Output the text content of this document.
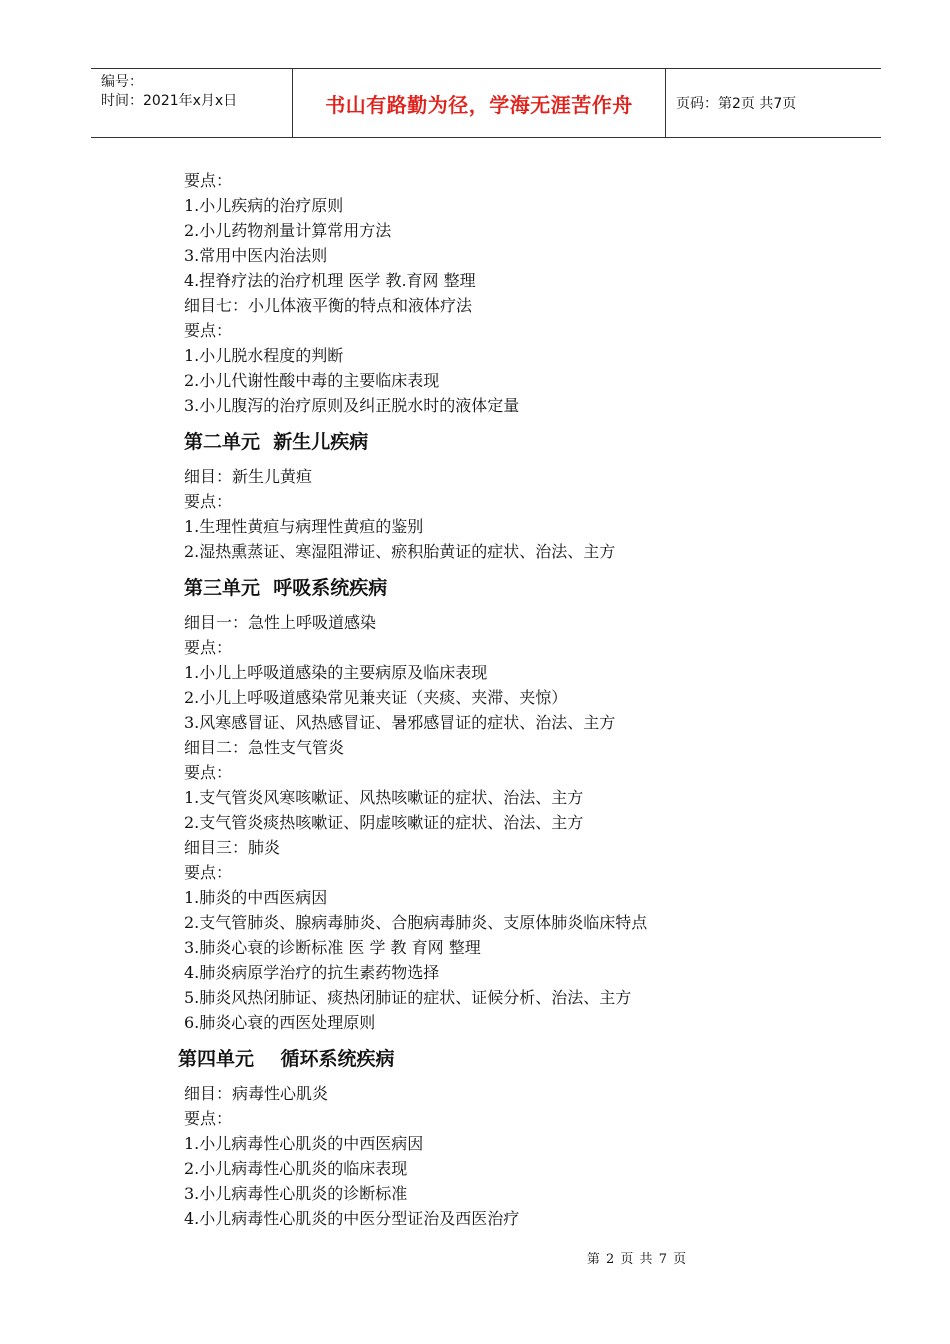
编号：
时间：2021年x月x日	书山有路勤为径，学海无涯苦作舟	页码：第2页 共7页
要点：
1.小儿疾病的治疗原则
2.小儿药物剂量计算常用方法
3.常用中医内治法则
4.捏脊疗法的治疗机理 医学 教.育网 整理
细目七：小儿体液平衡的特点和液体疗法
要点：
1.小儿脱水程度的判断
2.小儿代谢性酸中毒的主要临床表现
3.小儿腹泻的治疗原则及纠正脱水时的液体定量
第二单元  新生儿疾病
细目：新生儿黄疸
要点：
1.生理性黄疸与病理性黄疸的鉴别
2.湿热熏蒸证、寒湿阻滞证、瘀积胎黄证的症状、治法、主方
第三单元  呼吸系统疾病
细目一：急性上呼吸道感染
要点：
1.小儿上呼吸道感染的主要病原及临床表现
2.小儿上呼吸道感染常见兼夹证（夹痰、夹滞、夹惊）
3.风寒感冒证、风热感冒证、暑邪感冒证的症状、治法、主方
细目二：急性支气管炎
要点：
1.支气管炎风寒咳嗽证、风热咳嗽证的症状、治法、主方
2.支气管炎痰热咳嗽证、阴虚咳嗽证的症状、治法、主方
细目三：肺炎
要点：
1.肺炎的中西医病因
2.支气管肺炎、腺病毒肺炎、合胞病毒肺炎、支原体肺炎临床特点
3.肺炎心衰的诊断标准 医 学 教 育网 整理
4.肺炎病原学治疗的抗生素药物选择
5.肺炎风热闭肺证、痰热闭肺证的症状、证候分析、治法、主方
6.肺炎心衰的西医处理原则
第四单元    循环系统疾病
细目：病毒性心肌炎
要点：
1.小儿病毒性心肌炎的中西医病因
2.小儿病毒性心肌炎的临床表现
3.小儿病毒性心肌炎的诊断标准
4.小儿病毒性心肌炎的中医分型证治及西医治疗
第 2 页 共 7 页
